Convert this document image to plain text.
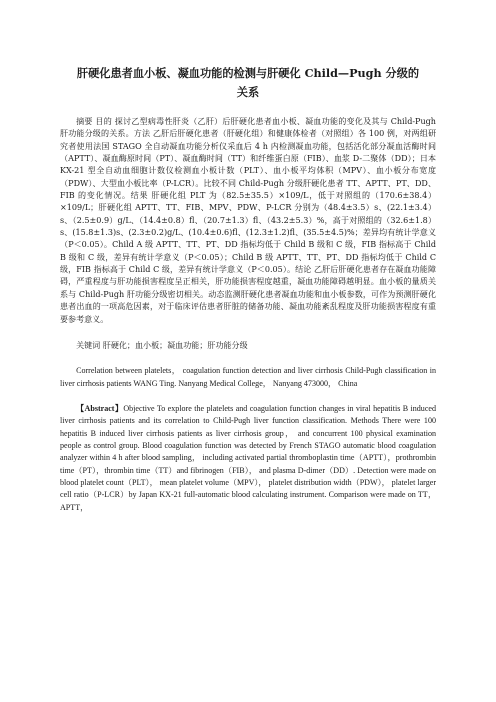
肝硬化患者血小板、凝血功能的检测与肝硬化 Child—Pugh 分级的
关系

摘要 目的 探讨乙型病毒性肝炎（乙肝）后肝硬化患者血小板、凝血功能的变化及其与 Child-Pugh 肝功能分级的关系。方法 乙肝后肝硬化患者（肝硬化组）和健康体检者（对照组）各 100 例，对两组研究者使用法国 STAGO 全自动凝血功能分析仪采血后 4 h 内检测凝血功能，包括活化部分凝血活酶时间（APTT）、凝血酶原时间（PT）、凝血酶时间（TT）和纤维蛋白原（FIB）、血浆 D-二聚体（DD）；日本 KX-21 型全自动血细胞计数仪检测血小板计数（PLT）、血小板平均体积（MPV）、血小板分布宽度（PDW）、大型血小板比率（P-LCR）。比较不同 Child-Pugh 分级肝硬化患者 TT、APTT、PT、DD、FIB 的变化情况。结果 肝硬化组 PLT 为（82.5±35.5）×109/L，低于对照组的（170.6±38.4）×109/L；肝硬化组 APTT、TT、FIB、MPV、PDW、P-LCR 分别为（48.4±3.5）s、(22.1±3.4）s、（2.5±0.9）g/L、（14.4±0.8）fl、（20.7±1.3）fl、（43.2±5.3）%，高于对照组的（32.6±1.8）s、(15.8±1.3)s、(2.3±0.2)g/L、(10.4±0.6)fl、(12.3±1.2)fl、(35.5±4.5)%；差异均有统计学意义（P＜0.05）。Child A 级 APTT、TT、PT、DD 指标均低于 Child B 级和 C 级，FIB 指标高于 Child B 级和 C 级，差异有统计学意义（P＜0.05）；Child B 级 APTT、TT、PT、DD 指标均低于 Child C 级，FIB 指标高于 Child C 级，差异有统计学意义（P＜0.05）。结论 乙肝后肝硬化患者存在凝血功能障碍，严重程度与肝功能损害程度呈正相关，肝功能损害程度越重，凝血功能障碍越明显。血小板的量质关系与 Child-Pugh 肝功能分级密切相关。动态监测肝硬化患者凝血功能和血小板参数，可作为预测肝硬化患者出血的一项高危因素，对于临床评估患者肝脏的储备功能、凝血功能紊乱程度及肝功能损害程度有重要参考意义。

关键词 肝硬化；血小板；凝血功能；肝功能分级

Correlation between platelets， coagulation function detection and liver cirrhosis Child-Pugh classification in liver cirrhosis patients WANG Ting. Nanyang Medical College， Nanyang 473000， China

【Abstract】Objective To explore the platelets and coagulation function changes in viral hepatitis B induced liver cirrhosis patients and its correlation to Child-Pugh liver function classification. Methods There were 100 hepatitis B induced liver cirrhosis patients as liver cirrhosis group， and concurrent 100 physical examination people as control group. Blood coagulation function was detected by French STAGO automatic blood coagulation analyzer within 4 h after blood sampling， including activated partial thromboplastin time（APTT），prothrombin time（PT），thrombin time（TT）and fibrinogen（FIB）， and plasma D-dimer（DD）. Detection were made on blood platelet count（PLT）， mean platelet volume（MPV）， platelet distribution width（PDW）， platelet larger cell ratio（P-LCR）by Japan KX-21 full-automatic blood calculating instrument. Comparison were made on TT， APTT，
